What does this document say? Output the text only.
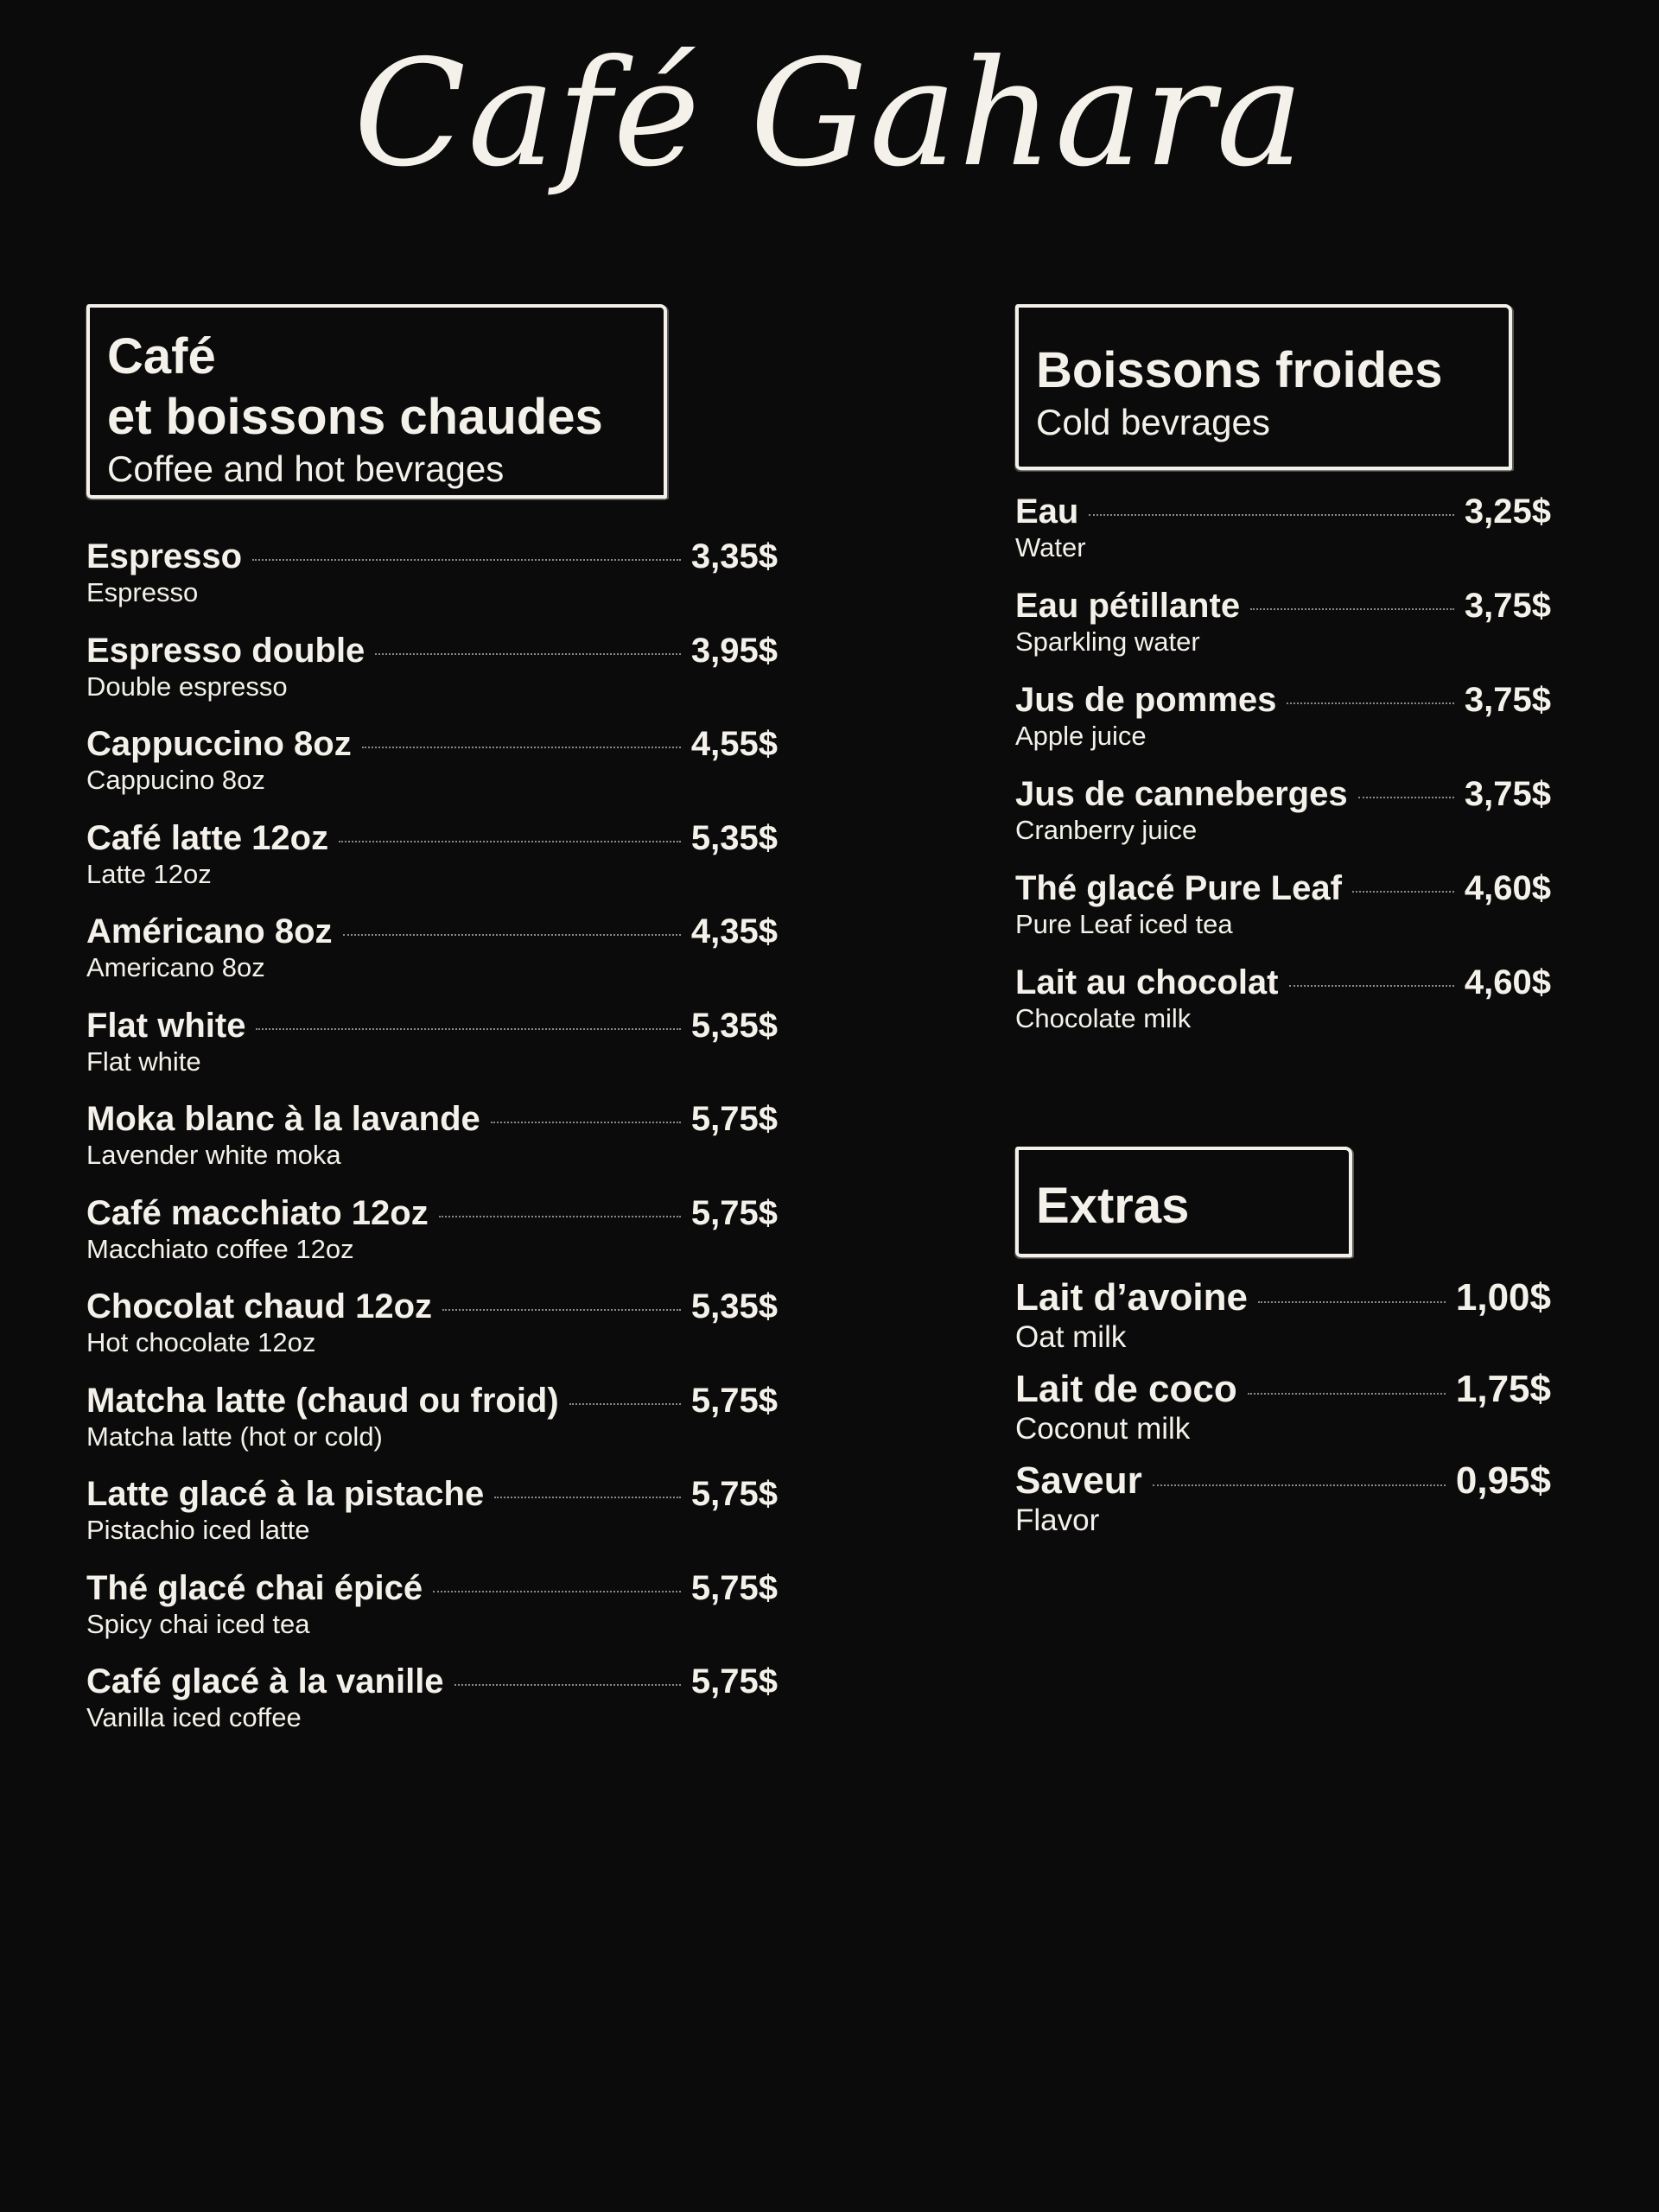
Café Gahara
Café
et boissons chaudes
Coffee and hot bevrages
Espresso	3,35$
Espresso
Espresso double	3,95$
Double espresso
Cappuccino 8oz	4,55$
Cappucino 8oz
Café latte 12oz	5,35$
Latte 12oz
Américano 8oz	4,35$
Americano 8oz
Flat white	5,35$
Flat white
Moka blanc à la lavande	5,75$
Lavender white moka
Café macchiato 12oz	5,75$
Macchiato coffee 12oz
Chocolat chaud 12oz	5,35$
Hot chocolate 12oz
Matcha latte (chaud ou froid)	5,75$
Matcha latte (hot or cold)
Latte glacé à la pistache	5,75$
Pistachio iced latte
Thé glacé chai épicé	5,75$
Spicy chai iced tea
Café glacé à la vanille	5,75$
Vanilla iced coffee
Boissons froides
Cold bevrages
Eau	3,25$
Water
Eau pétillante	3,75$
Sparkling water
Jus de pommes	3,75$
Apple juice
Jus de canneberges	3,75$
Cranberry juice
Thé glacé Pure Leaf	4,60$
Pure Leaf iced tea
Lait au chocolat	4,60$
Chocolate milk
Extras
Lait d’avoine	1,00$
Oat milk
Lait de coco	1,75$
Coconut milk
Saveur	0,95$
Flavor
